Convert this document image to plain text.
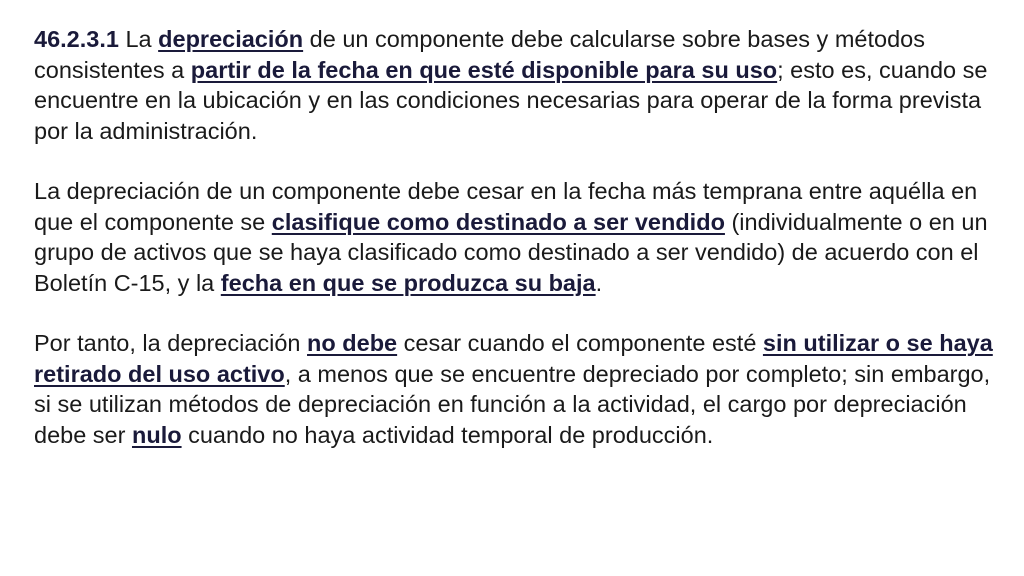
46.2.3.1 La depreciación de un componente debe calcularse sobre bases y métodos consistentes a partir de la fecha en que esté disponible para su uso; esto es, cuando se encuentre en la ubicación y en las condiciones necesarias para operar de la forma prevista por la administración.

La depreciación de un componente debe cesar en la fecha más temprana entre aquélla en que el componente se clasifique como destinado a ser vendido (individualmente o en un grupo de activos que se haya clasificado como destinado a ser vendido) de acuerdo con el Boletín C-15, y la fecha en que se produzca su baja.

Por tanto, la depreciación no debe cesar cuando el componente esté sin utilizar o se haya retirado del uso activo, a menos que se encuentre depreciado por completo; sin embargo, si se utilizan métodos de depreciación en función a la actividad, el cargo por depreciación debe ser nulo cuando no haya actividad temporal de producción.
